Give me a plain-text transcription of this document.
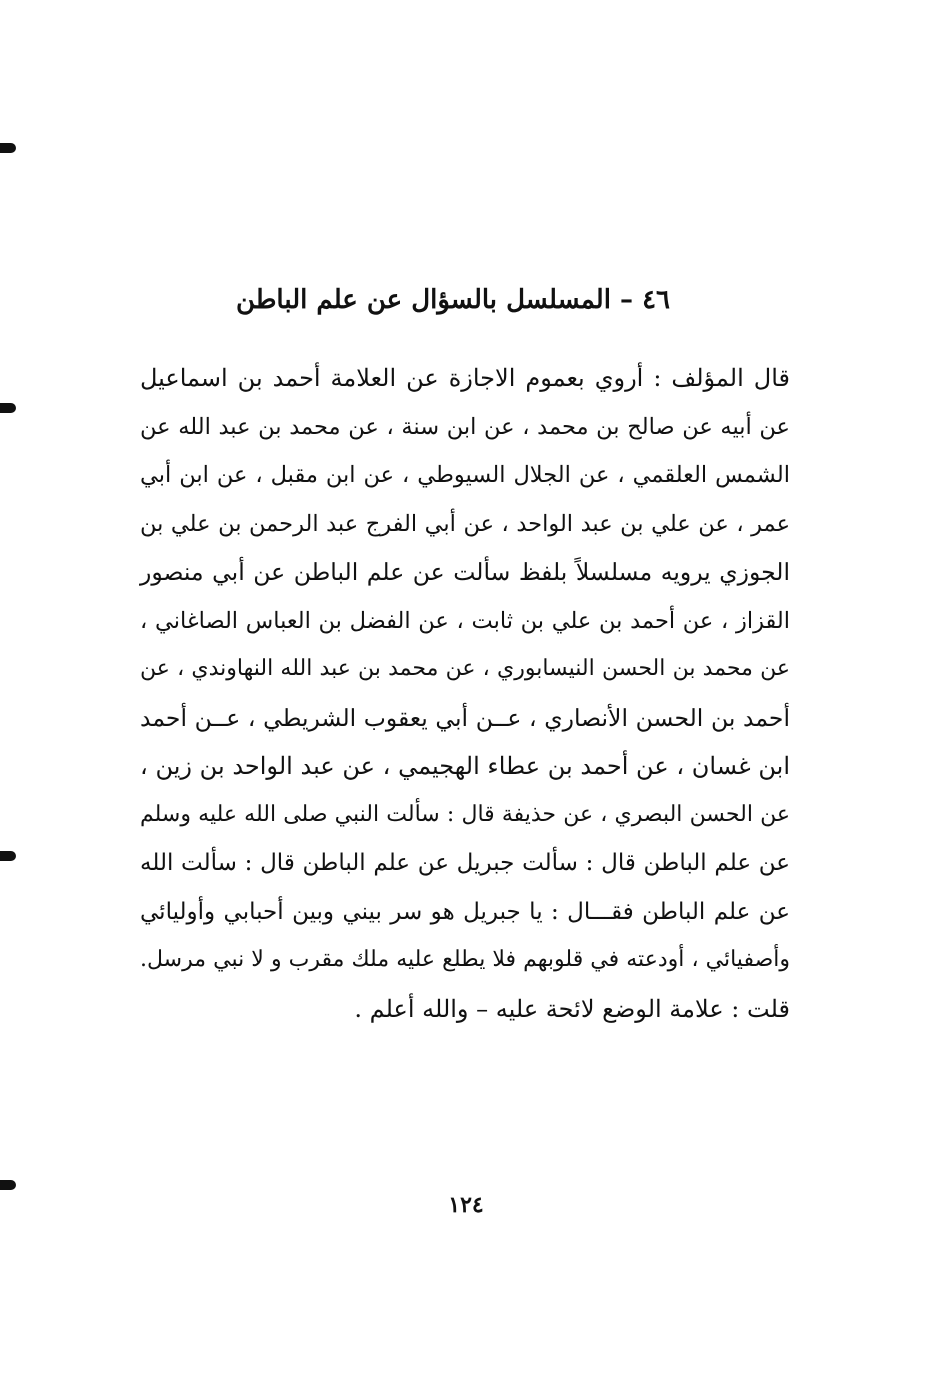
٤٦ – المسلسل بالسؤال عن علم الباطن
قال المؤلف : أروي بعموم الاجازة عن العلامة أحمد بن اسماعيل
عن أبيه عن صالح بن محمد ، عن ابن سنة ، عن محمد بن عبد الله عن
الشمس العلقمي ، عن الجلال السيوطي ، عن ابن مقبل ، عن ابن أبي
عمر ، عن علي بن عبد الواحد ، عن أبي الفرج عبد الرحمن بن علي بن
الجوزي يرويه مسلسلاً بلفظ سألت عن علم الباطن عن أبي منصور
القزاز ، عن أحمد بن علي بن ثابت ، عن الفضل بن العباس الصاغاني ،
عن محمد بن الحسن النيسابوري ، عن محمد بن عبد الله النهاوندي ، عن
أحمد بن الحسن الأنصاري ، عــن أبي يعقوب الشريطي ، عــن أحمد
ابن غسان ، عن أحمد بن عطاء الهجيمي ، عن عبد الواحد بن زين ،
عن الحسن البصري ، عن حذيفة قال : سألت النبي صلى الله عليه وسلم
عن علم الباطن قال : سألت جبريل عن علم الباطن قال : سألت الله
عن علم الباطن فقـــال : يا جبريل هو سر بيني وبين أحبابي وأوليائي
وأصفيائي ، أودعته في قلوبهم فلا يطلع عليه ملك مقرب و لا نبي مرسل.
قلت : علامة الوضع لائحة عليه – والله أعلم .
١٢٤
